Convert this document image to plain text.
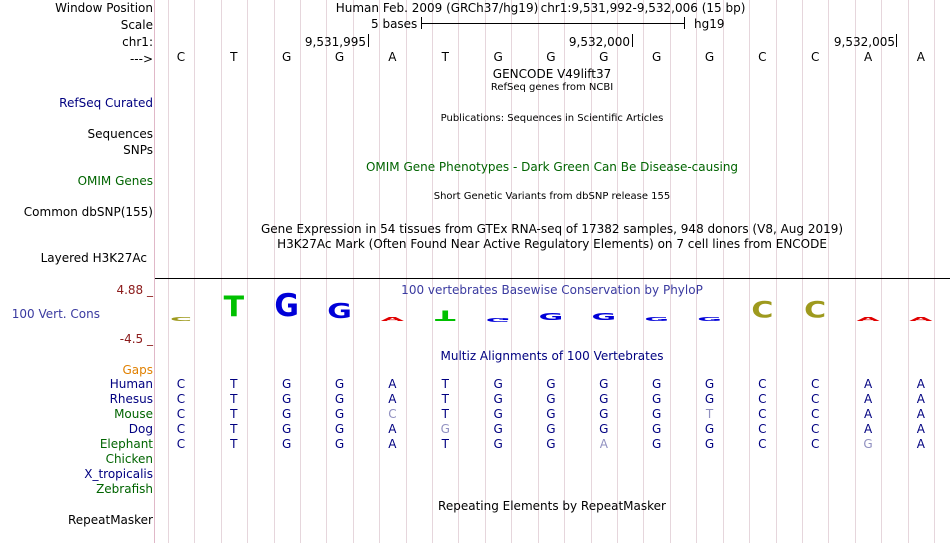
Window Position	Human Feb. 2009 (GRCh37/hg19) chr1:9,531,992-9,532,006 (15 bp)
Scale	5 bases	hg19
chr1:	9,531,995	9,532,000	9,532,005
--->	C	T	G	G	A	T	G	G	G	G	G	C	C	A	A
GENCODE V49lift37
RefSeq genes from NCBI
RefSeq Curated
Publications: Sequences in Scientific Articles
Sequences
SNPs
OMIM Gene Phenotypes - Dark Green Can Be Disease-causing
OMIM Genes
Short Genetic Variants from dbSNP release 155
Common dbSNP(155)
Gene Expression in 54 tissues from GTEx RNA-seq of 17382 samples, 948 donors (V8, Aug 2019)
H3K27Ac Mark (Often Found Near Active Regulatory Elements) on 7 cell lines from ENCODE
Layered H3K27Ac
100 vertebrates Basewise Conservation by PhyloP
4.88 _
100 Vert. Cons
-4.5 _
C	T	G G A	T	G G G G G C	C	A A
Multiz Alignments of 100 Vertebrates
Gaps
Human	C	T	G	G	A	T	G	G	G	G	G	C	C	A	A
Rhesus	C	T	G	G	A	T	G	G	G	G	G	C	C	A	A
Mouse	C	T	G	G	C	T	G	G	G	G	T	C	C	A	A
Dog	C	T	G	G	A	G	G	G	G	G	G	C	C	A	A
Elephant	C	T	G	G	A	T	G	G	A	G	G	C	C	G	A
Chicken
X_tropicalis
Zebrafish
Repeating Elements by RepeatMasker
RepeatMasker
